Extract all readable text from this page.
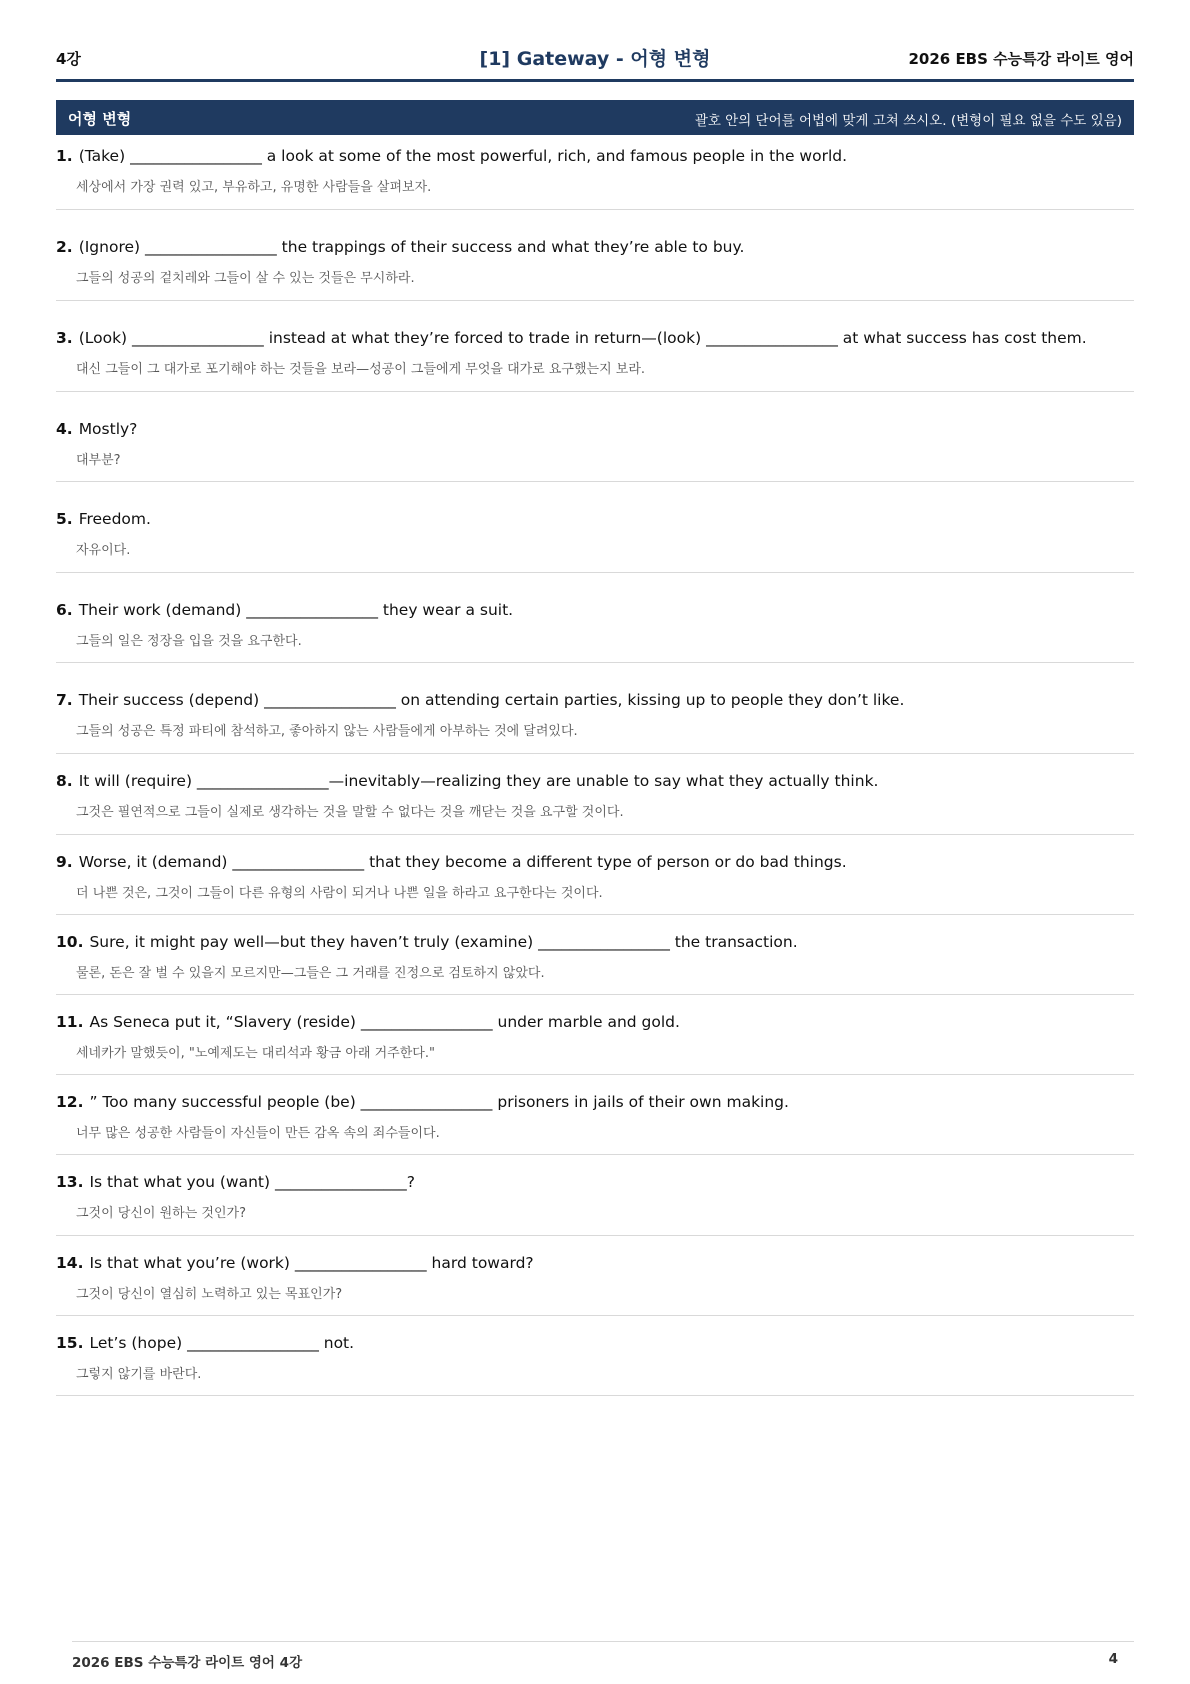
4강	[1] Gateway - 어형 변형	2026 EBS 수능특강 라이트 영어
어형 변형	괄호 안의 단어를 어법에 맞게 고쳐 쓰시오. (변형이 필요 없을 수도 있음)
1. (Take) _________________ a look at some of the most powerful, rich, and famous people in the world.
세상에서 가장 권력 있고, 부유하고, 유명한 사람들을 살펴보자.
2. (Ignore) _________________ the trappings of their success and what they’re able to buy.
그들의 성공의 겉치레와 그들이 살 수 있는 것들은 무시하라.
3. (Look) _________________ instead at what they’re forced to trade in return—(look) _________________ at what success has cost them.
대신 그들이 그 대가로 포기해야 하는 것들을 보라—성공이 그들에게 무엇을 대가로 요구했는지 보라.
4. Mostly?
대부분?
5. Freedom.
자유이다.
6. Their work (demand) _________________ they wear a suit.
그들의 일은 정장을 입을 것을 요구한다.
7. Their success (depend) _________________ on attending certain parties, kissing up to people they don’t like.
그들의 성공은 특정 파티에 참석하고, 좋아하지 않는 사람들에게 아부하는 것에 달려있다.
8. It will (require) _________________—inevitably—realizing they are unable to say what they actually think.
그것은 필연적으로 그들이 실제로 생각하는 것을 말할 수 없다는 것을 깨닫는 것을 요구할 것이다.
9. Worse, it (demand) _________________ that they become a different type of person or do bad things.
더 나쁜 것은, 그것이 그들이 다른 유형의 사람이 되거나 나쁜 일을 하라고 요구한다는 것이다.
10. Sure, it might pay well—but they haven’t truly (examine) _________________ the transaction.
물론, 돈은 잘 벌 수 있을지 모르지만—그들은 그 거래를 진정으로 검토하지 않았다.
11. As Seneca put it, “Slavery (reside) _________________ under marble and gold.
세네카가 말했듯이, "노예제도는 대리석과 황금 아래 거주한다."
12. ” Too many successful people (be) _________________ prisoners in jails of their own making.
너무 많은 성공한 사람들이 자신들이 만든 감옥 속의 죄수들이다.
13. Is that what you (want) _________________?
그것이 당신이 원하는 것인가?
14. Is that what you’re (work) _________________ hard toward?
그것이 당신이 열심히 노력하고 있는 목표인가?
15. Let’s (hope) _________________ not.
그렇지 않기를 바란다.
2026 EBS 수능특강 라이트 영어 4강	4
